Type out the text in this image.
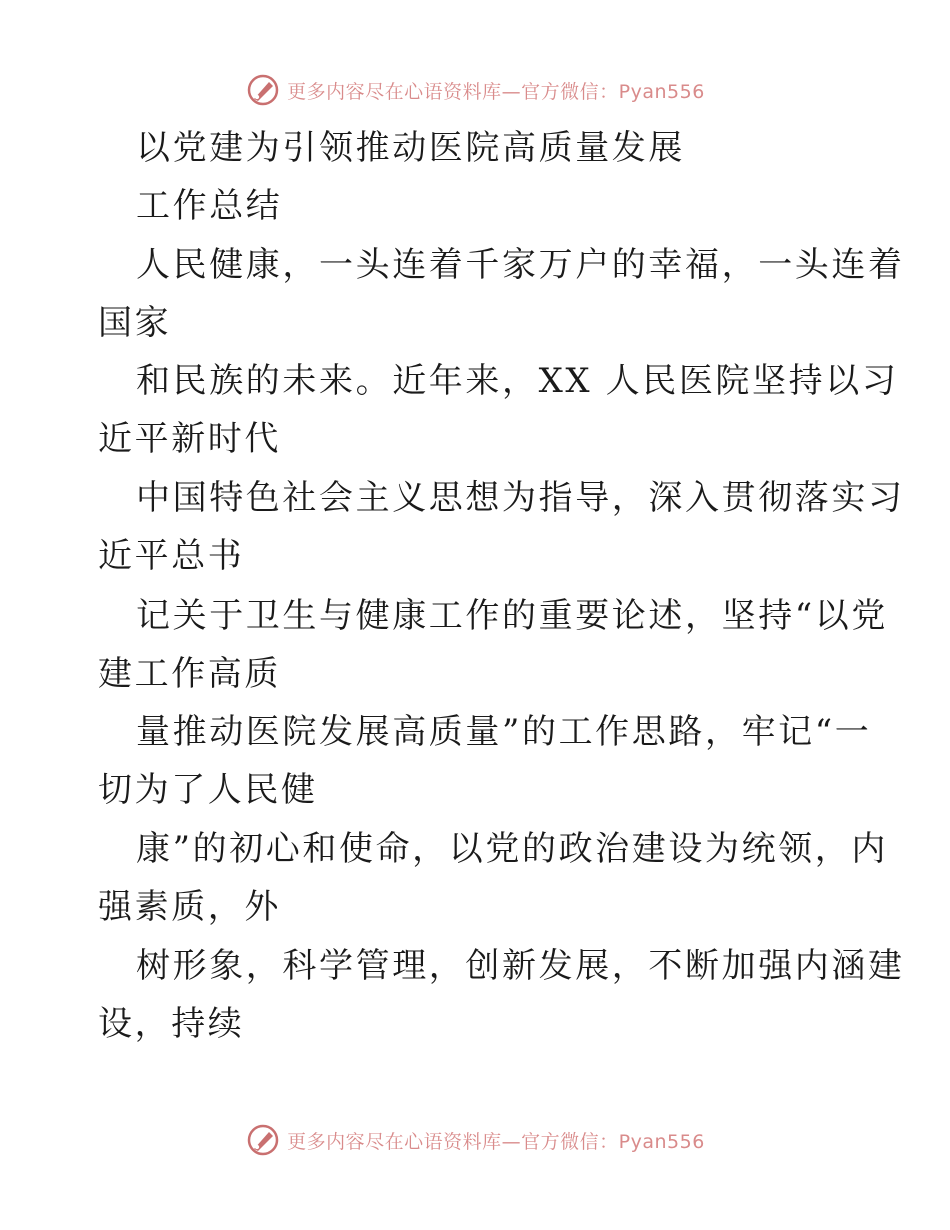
更多内容尽在心语资料库—官方微信：Pyan556
以党建为引领推动医院高质量发展
工作总结
人民健康，一头连着千家万户的幸福，一头连着
国家
和民族的未来。近年来，XX 人民医院坚持以习
近平新时代
中国特色社会主义思想为指导，深入贯彻落实习
近平总书
记关于卫生与健康工作的重要论述，坚持“以党
建工作高质
量推动医院发展高质量”的工作思路，牢记“一
切为了人民健
康”的初心和使命，以党的政治建设为统领，内
强素质，外
树形象，科学管理，创新发展，不断加强内涵建
设，持续
更多内容尽在心语资料库—官方微信：Pyan556
